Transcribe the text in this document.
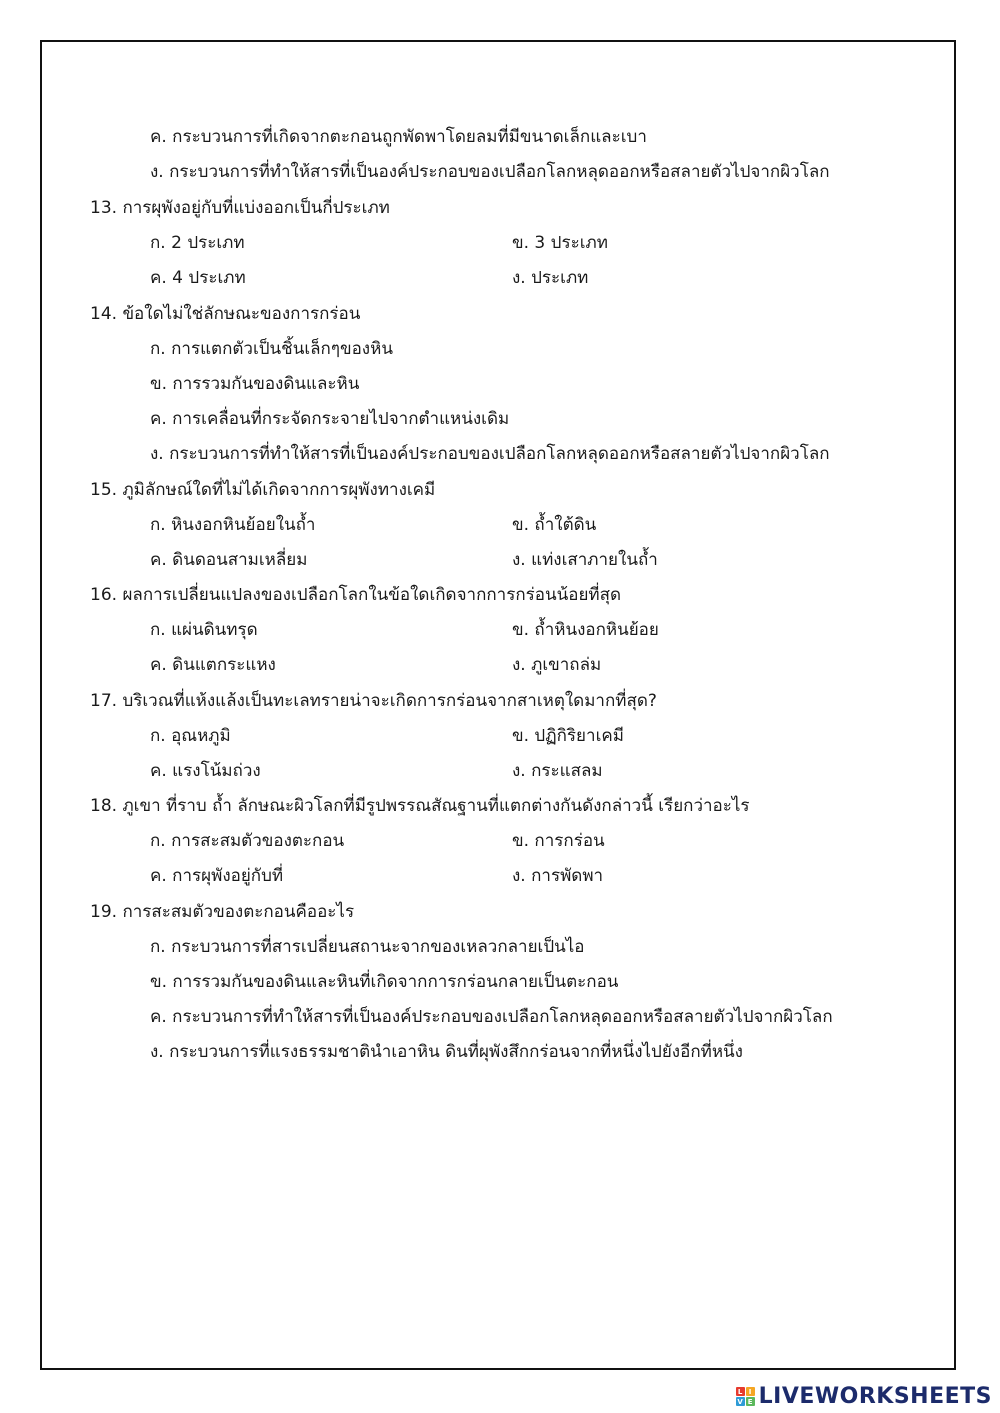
ค. กระบวนการที่เกิดจากตะกอนถูกพัดพาโดยลมที่มีขนาดเล็กและเบา
ง. กระบวนการที่ทำให้สารที่เป็นองค์ประกอบของเปลือกโลกหลุดออกหรือสลายตัวไปจากผิวโลก
13. การผุพังอยู่กับที่แบ่งออกเป็นกี่ประเภท
ก. 2 ประเภท	ข. 3 ประเภท
ค. 4 ประเภท	ง. ประเภท
14. ข้อใดไม่ใช่ลักษณะของการกร่อน
ก. การแตกตัวเป็นชิ้นเล็กๆของหิน
ข. การรวมกันของดินและหิน
ค. การเคลื่อนที่กระจัดกระจายไปจากตำแหน่งเดิม
ง. กระบวนการที่ทำให้สารที่เป็นองค์ประกอบของเปลือกโลกหลุดออกหรือสลายตัวไปจากผิวโลก
15. ภูมิลักษณ์ใดที่ไม่ได้เกิดจากการผุพังทางเคมี
ก. หินงอกหินย้อยในถ้ำ	ข. ถ้ำใต้ดิน
ค. ดินดอนสามเหลี่ยม	ง. แท่งเสาภายในถ้ำ
16. ผลการเปลี่ยนแปลงของเปลือกโลกในข้อใดเกิดจากการกร่อนน้อยที่สุด
ก. แผ่นดินทรุด	ข. ถ้ำหินงอกหินย้อย
ค. ดินแตกระแหง	ง. ภูเขาถล่ม
17. บริเวณที่แห้งแล้งเป็นทะเลทรายน่าจะเกิดการกร่อนจากสาเหตุใดมากที่สุด?
ก. อุณหภูมิ	ข. ปฏิกิริยาเคมี
ค. แรงโน้มถ่วง	ง. กระแสลม
18. ภูเขา ที่ราบ ถ้ำ ลักษณะผิวโลกที่มีรูปพรรณสัณฐานที่แตกต่างกันดังกล่าวนี้ เรียกว่าอะไร
ก. การสะสมตัวของตะกอน	ข. การกร่อน
ค. การผุพังอยู่กับที่	ง. การพัดพา
19. การสะสมตัวของตะกอนคืออะไร
ก. กระบวนการที่สารเปลี่ยนสถานะจากของเหลวกลายเป็นไอ
ข. การรวมกันของดินและหินที่เกิดจากการกร่อนกลายเป็นตะกอน
ค. กระบวนการที่ทำให้สารที่เป็นองค์ประกอบของเปลือกโลกหลุดออกหรือสลายตัวไปจากผิวโลก
ง. กระบวนการที่แรงธรรมชาตินำเอาหิน ดินที่ผุพังสึกกร่อนจากที่หนึ่งไปยังอีกที่หนึ่ง
L I
V E LIVEWORKSHEETS
